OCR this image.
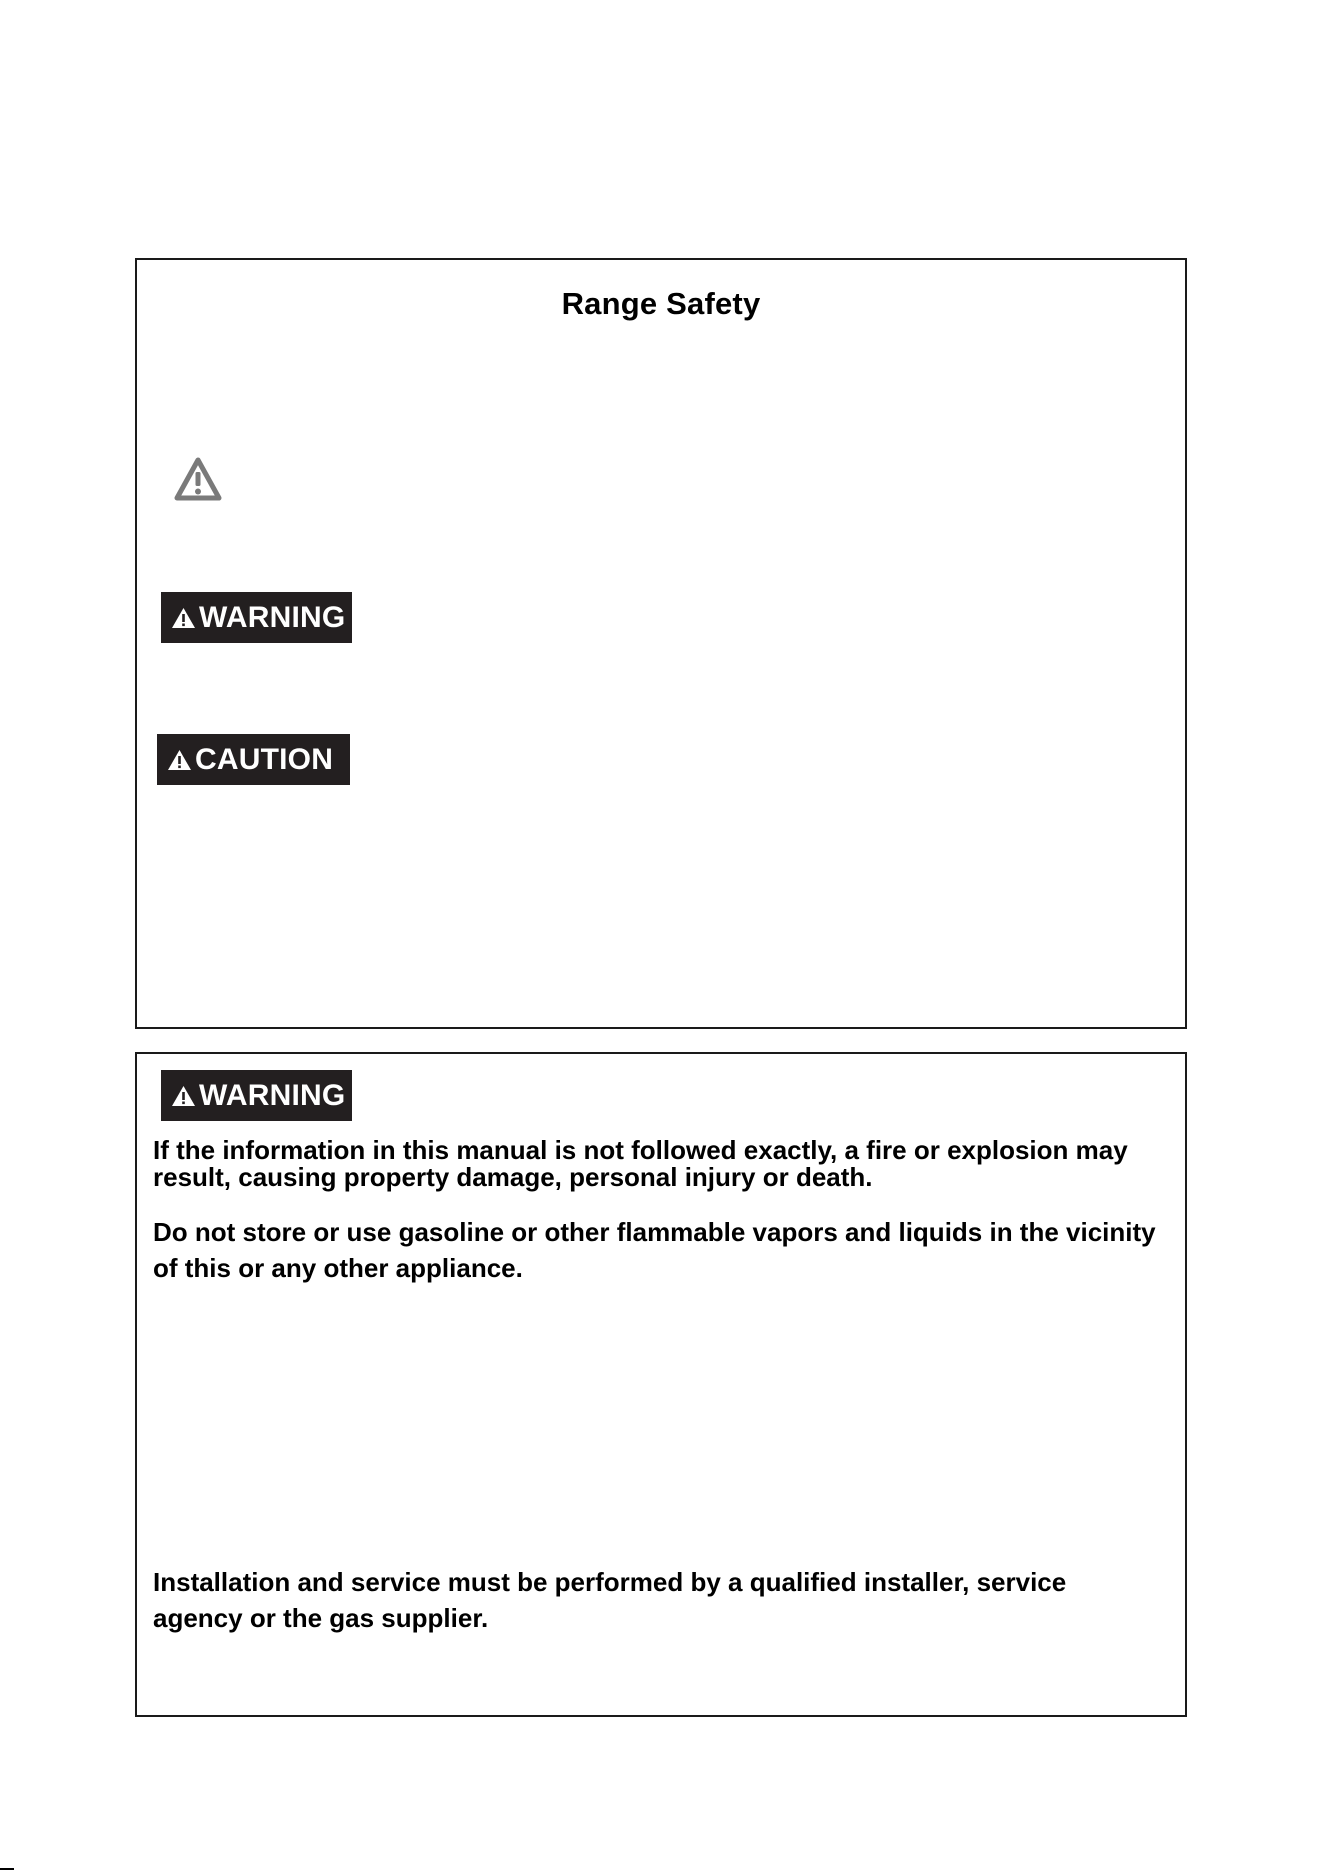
Range Safety
WARNING
CAUTION
WARNING

If the information in this manual is not followed exactly, a fire or explosion may result, causing property damage, personal injury or death.

Do not store or use gasoline or other flammable vapors and liquids in the vicinity of this or any other appliance.

Installation and service must be performed by a qualified installer, service agency or the gas supplier.
